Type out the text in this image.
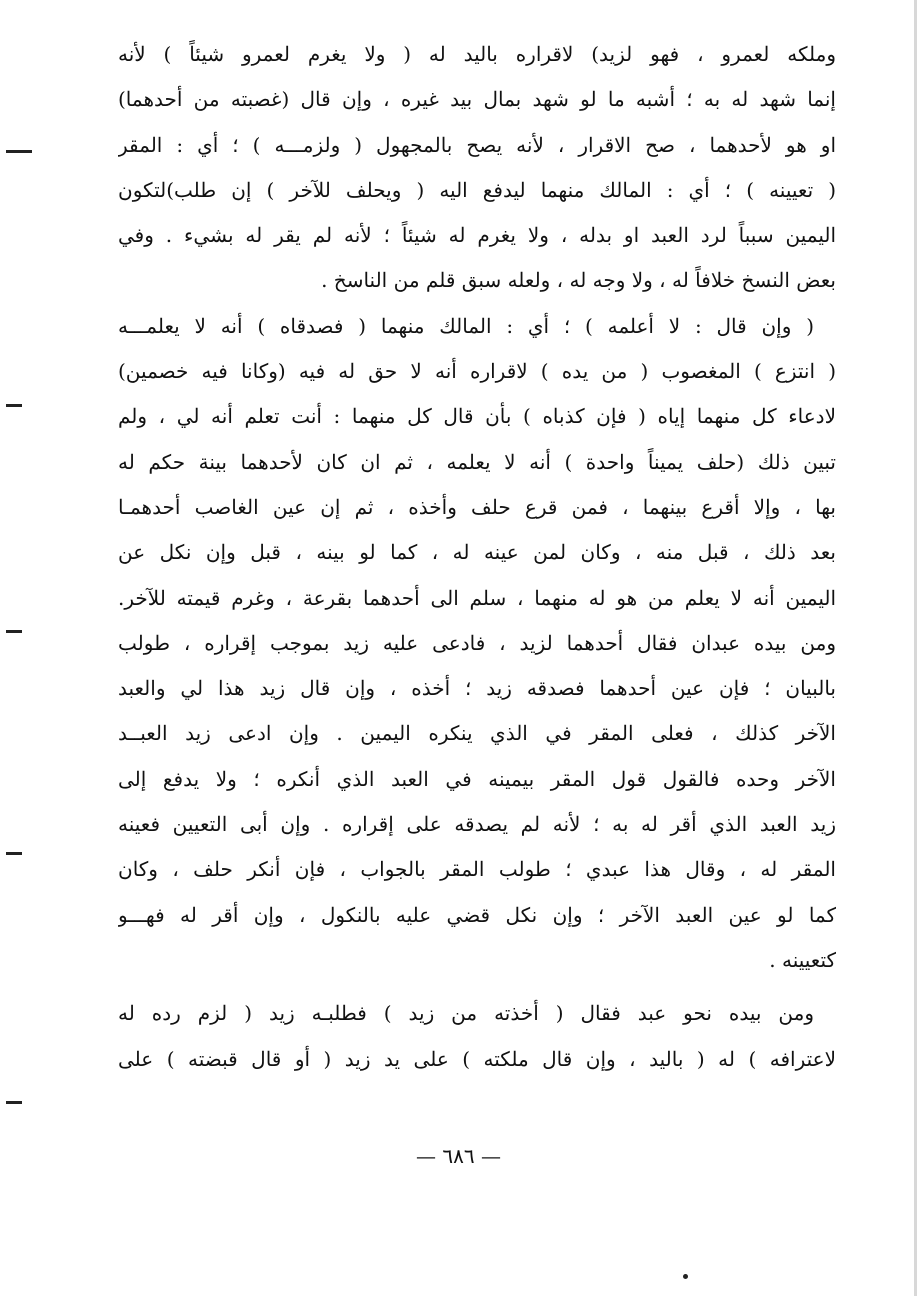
وملكه لعمرو ، فهو لزيد) لاقراره باليد له ( ولا يغرم لعمرو شيئاً ) لأنه
إنما شهد له به ؛ أشبه ما لو شهد بمال بيد غيره ، وإن قال (غصبته من أحدهما)
او هو لأحدهما ، صح الاقرار ، لأنه يصح بالمجهول ( ولزمـــه ) ؛ أي : المقر
( تعيينه ) ؛ أي : المالك منهما ليدفع اليه ( ويحلف للآخر ) إن طلب)لتكون
اليمين سبباً لرد العبد او بدله ، ولا يغرم له شيئاً ؛ لأنه لم يقر له بشيء . وفي
بعض النسخ خلافاً له ، ولا وجه له ، ولعله سبق قلم من الناسخ .
( وإن قال : لا أعلمه ) ؛ أي : المالك منهما ( فصدقاه ) أنه لا يعلمـــه
( انتزع ) المغصوب ( من يده ) لاقراره أنه لا حق له فيه (وكانا فيه خصمين)
لادعاء كل منهما إياه ( فإن كذباه ) بأن قال كل منهما : أنت تعلم أنه لي ، ولم
تبين ذلك (حلف يميناً واحدة ) أنه لا يعلمه ، ثم ان كان لأحدهما بينة حكم له
بها ، وإلا أقرع بينهما ، فمن قرع حلف وأخذه ، ثم إن عين الغاصب أحدهمـا
بعد ذلك ، قبل منه ، وكان لمن عينه له ، كما لو بينه ، قبل وإن نكل عن
اليمين أنه لا يعلم من هو له منهما ، سلم الى أحدهما بقرعة ، وغرم قيمته للآخر.
ومن بيده عبدان فقال أحدهما لزيد ، فادعى عليه زيد بموجب إقراره ، طولب
بالبيان ؛ فإن عين أحدهما فصدقه زيد ؛ أخذه ، وإن قال زيد هذا لي والعبد
الآخر كذلك ، فعلى المقر في الذي ينكره اليمين . وإن ادعى زيد العبــد
الآخر وحده فالقول قول المقر بيمينه في العبد الذي أنكره ؛ ولا يدفع إلى
زيد العبد الذي أقر له به ؛ لأنه لم يصدقه على إقراره . وإن أبى التعيين فعينه
المقر له ، وقال هذا عبدي ؛ طولب المقر بالجواب ، فإن أنكر حلف ، وكان
كما لو عين العبد الآخر ؛ وإن نكل قضي عليه بالنكول ، وإن أقر له فهـــو
كتعيينه .
ومن بيده نحو عبد فقال ( أخذته من زيد ) فطلبـه زيد ( لزم رده له
لاعترافه ) له ( باليد ، وإن قال ملكته ) على يد زيد ( أو قال قبضته ) على
— ٦٨٦ —
